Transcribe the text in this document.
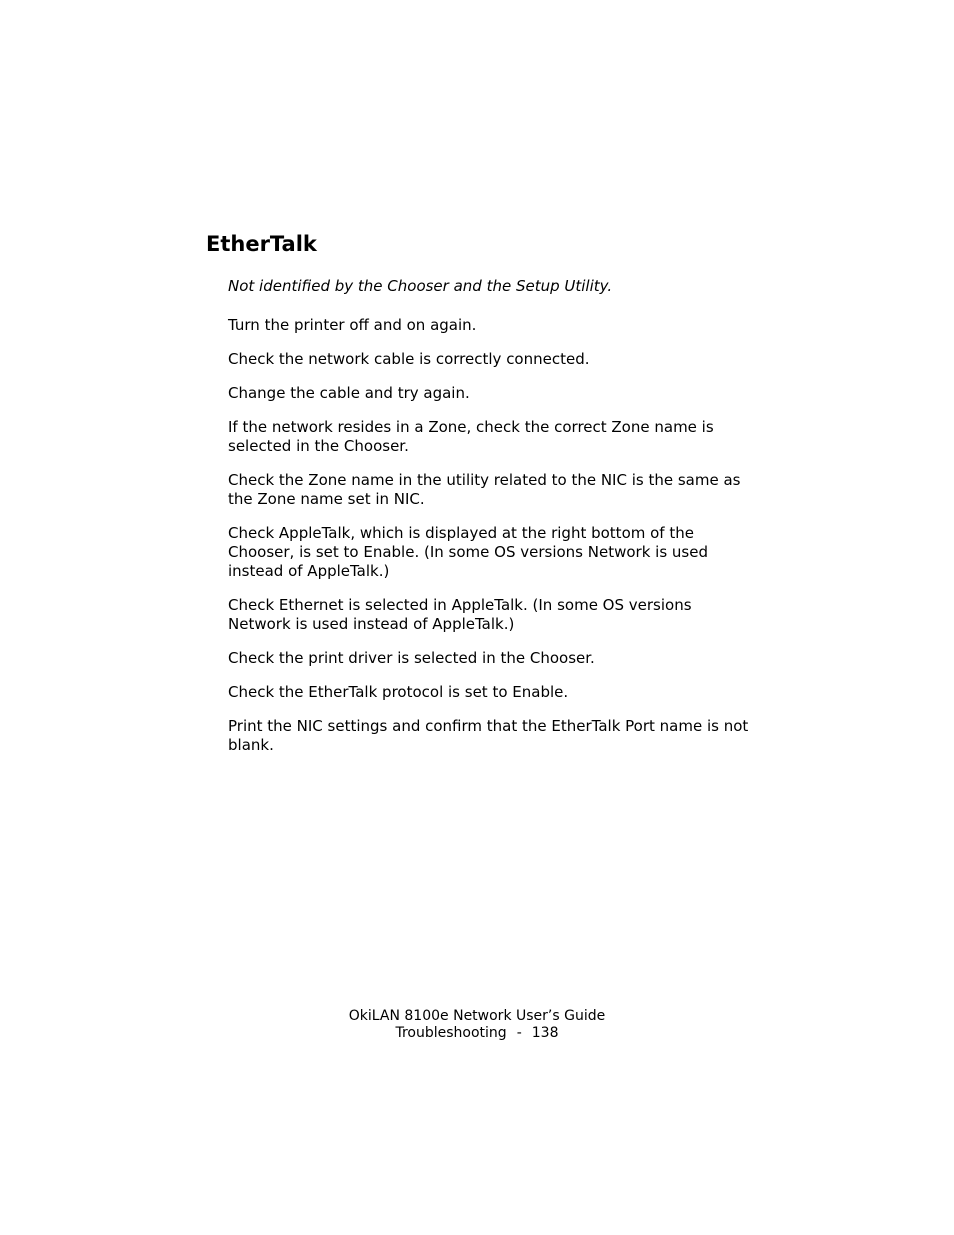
EtherTalk

Not identified by the Chooser and the Setup Utility.

Turn the printer off and on again.

Check the network cable is correctly connected.

Change the cable and try again.

If the network resides in a Zone, check the correct Zone name is selected in the Chooser.

Check the Zone name in the utility related to the NIC is the same as the Zone name set in NIC.

Check AppleTalk, which is displayed at the right bottom of the Chooser, is set to Enable. (In some OS versions Network is used instead of AppleTalk.)

Check Ethernet is selected in AppleTalk. (In some OS versions Network is used instead of AppleTalk.)

Check the print driver is selected in the Chooser.

Check the EtherTalk protocol is set to Enable.

Print the NIC settings and confirm that the EtherTalk Port name is not blank.

OkiLAN 8100e Network User’s Guide
Troubleshooting - 138
